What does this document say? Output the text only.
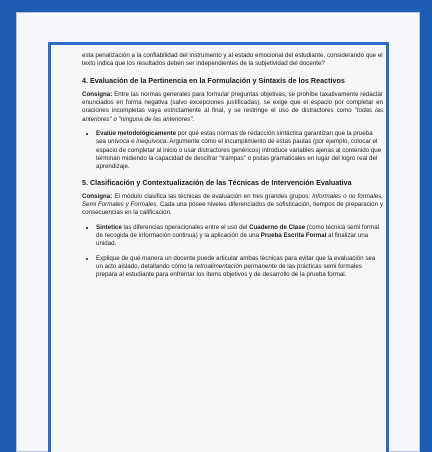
esta penalización a la confiabilidad del instrumento y al estado emocional del estudiante, considerando que el texto indica que los resultados deben ser independientes de la subjetividad del docente?

4. Evaluación de la Pertinencia en la Formulación y Sintaxis de los Reactivos

Consigna: Entre las normas generales para formular preguntas objetivas, se prohíbe taxativamente redactar enunciados en forma negativa (salvo excepciones justificadas), se exige que el espacio por completar en oraciones incompletas vaya estrictamente al final, y se restringe el uso de distractores como "todas las anteriores" o "ninguna de las anteriores".

• Evalúe metodológicamente por qué estas normas de redacción sintáctica garantizan que la prueba sea unívoca e inequívoca. Argumente cómo el incumplimiento de estas pautas (por ejemplo, colocar el espacio de completar al inicio o usar distractores genéricos) introduce variables ajenas al contenido que terminan midiendo la capacidad de descifrar "trampas" o pistas gramaticales en lugar del logro real del aprendizaje.
5. Clasificación y Contextualización de las Técnicas de Intervención Evaluativa

Consigna: El módulo clasifica las técnicas de evaluación en tres grandes grupos: Informales o no formales, Semi Formales y Formales. Cada una posee niveles diferenciados de sofisticación, tiempos de preparación y consecuencias en la calificación.

• Sintetice las diferencias operacionales entre el uso del Cuaderno de Clase (como técnica semi formal de recogida de información continua) y la aplicación de una Prueba Escrita Formal al finalizar una unidad.
• Explique de qué manera un docente puede articular ambas técnicas para evitar que la evaluación sea un acto aislado, detallando cómo la retroalimentación permanente de las prácticas semi formales prepara al estudiante para enfrentar los ítems objetivos y de desarrollo de la prueba formal.
